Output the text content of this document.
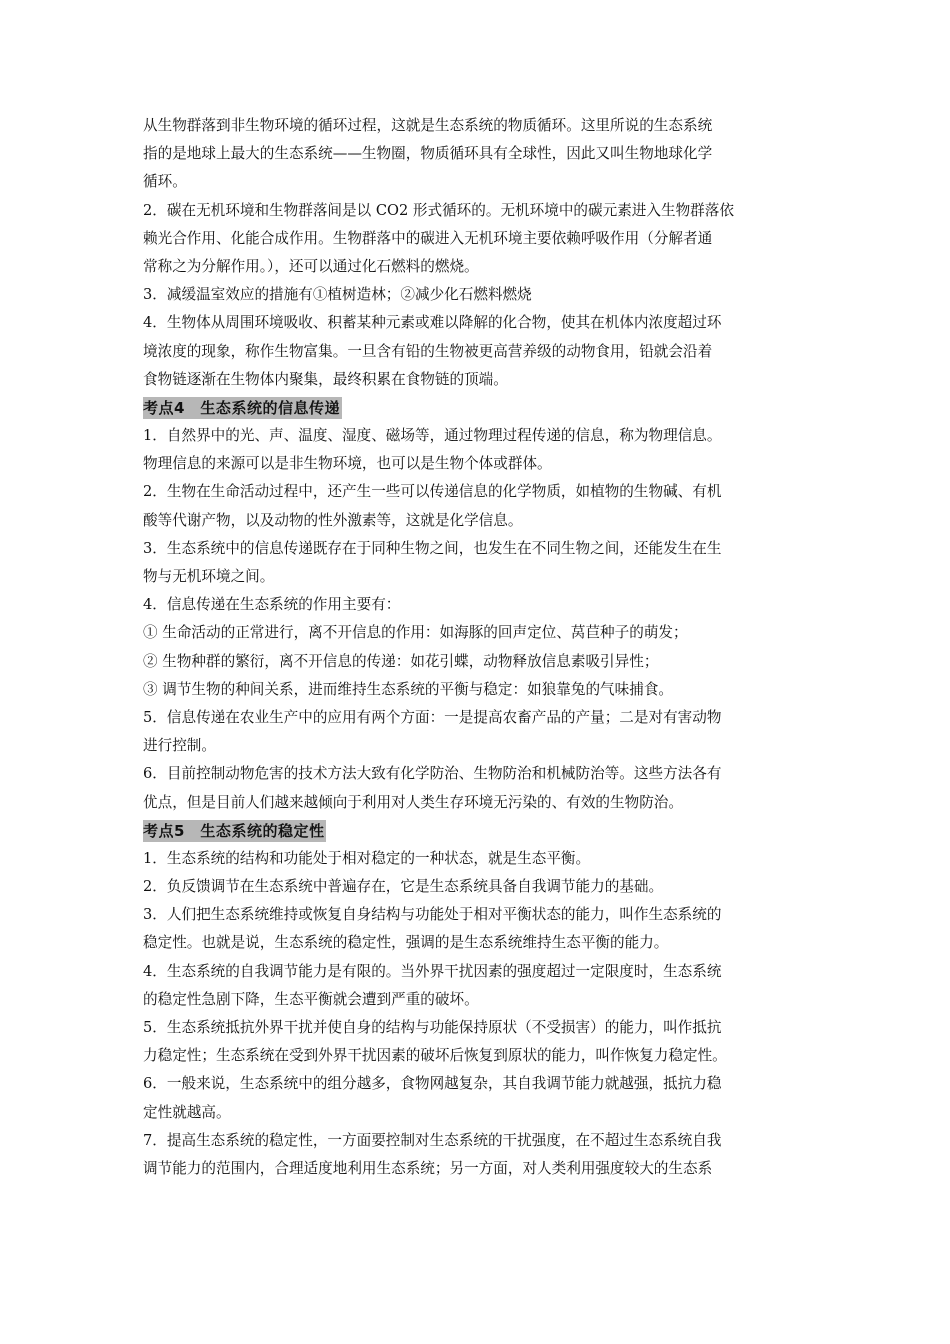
从生物群落到非生物环境的循环过程，这就是生态系统的物质循环。这里所说的生态系统
指的是地球上最大的生态系统——生物圈，物质循环具有全球性，因此又叫生物地球化学
循环。
2．碳在无机环境和生物群落间是以 CO2 形式循环的。无机环境中的碳元素进入生物群落依
赖光合作用、化能合成作用。生物群落中的碳进入无机环境主要依赖呼吸作用（分解者通
常称之为分解作用。），还可以通过化石燃料的燃烧。
3．减缓温室效应的措施有①植树造林；②减少化石燃料燃烧
4．生物体从周围环境吸收、积蓄某种元素或难以降解的化合物，使其在机体内浓度超过环
境浓度的现象，称作生物富集。一旦含有铅的生物被更高营养级的动物食用，铅就会沿着
食物链逐渐在生物体内聚集，最终积累在食物链的顶端。
考点4　生态系统的信息传递
1．自然界中的光、声、温度、湿度、磁场等，通过物理过程传递的信息，称为物理信息。
物理信息的来源可以是非生物环境，也可以是生物个体或群体。
2．生物在生命活动过程中，还产生一些可以传递信息的化学物质，如植物的生物碱、有机
酸等代谢产物，以及动物的性外激素等，这就是化学信息。
3．生态系统中的信息传递既存在于同种生物之间，也发生在不同生物之间，还能发生在生
物与无机环境之间。
4．信息传递在生态系统的作用主要有：
① 生命活动的正常进行，离不开信息的作用：如海豚的回声定位、莴苣种子的萌发；
② 生物种群的繁衍，离不开信息的传递：如花引蝶，动物释放信息素吸引异性；
③ 调节生物的种间关系，进而维持生态系统的平衡与稳定：如狼靠兔的气味捕食。
5．信息传递在农业生产中的应用有两个方面：一是提高农畜产品的产量；二是对有害动物
进行控制。
6．目前控制动物危害的技术方法大致有化学防治、生物防治和机械防治等。这些方法各有
优点，但是目前人们越来越倾向于利用对人类生存环境无污染的、有效的生物防治。
考点5　生态系统的稳定性
1．生态系统的结构和功能处于相对稳定的一种状态，就是生态平衡。
2．负反馈调节在生态系统中普遍存在，它是生态系统具备自我调节能力的基础。
3．人们把生态系统维持或恢复自身结构与功能处于相对平衡状态的能力，叫作生态系统的
稳定性。也就是说，生态系统的稳定性，强调的是生态系统维持生态平衡的能力。
4．生态系统的自我调节能力是有限的。当外界干扰因素的强度超过一定限度时，生态系统
的稳定性急剧下降，生态平衡就会遭到严重的破坏。
5．生态系统抵抗外界干扰并使自身的结构与功能保持原状（不受损害）的能力，叫作抵抗
力稳定性；生态系统在受到外界干扰因素的破坏后恢复到原状的能力，叫作恢复力稳定性。
6．一般来说，生态系统中的组分越多，食物网越复杂，其自我调节能力就越强，抵抗力稳
定性就越高。
7．提高生态系统的稳定性，一方面要控制对生态系统的干扰强度，在不超过生态系统自我
调节能力的范围内，合理适度地利用生态系统；另一方面，对人类利用强度较大的生态系
